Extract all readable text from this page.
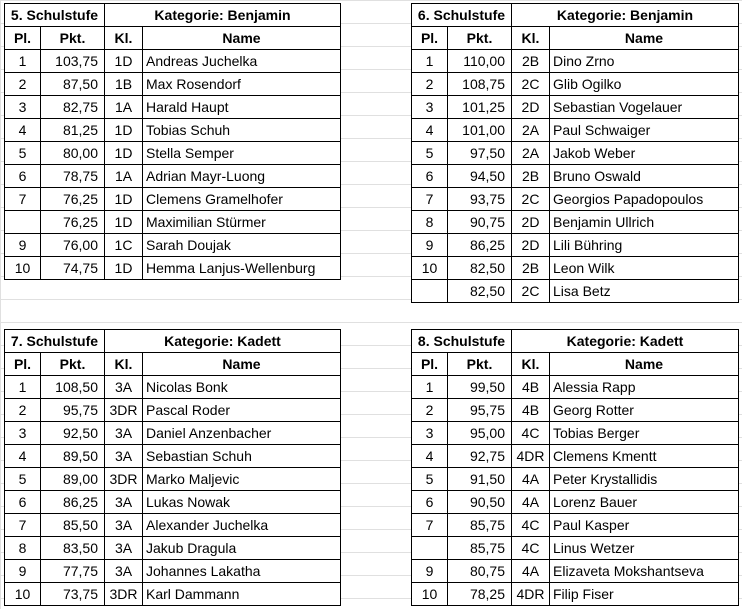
5. Schulstufe		Kategorie: Benjamin	
Pl.	Pkt.	Kl.	Name
1	103,75	1D	Andreas Juchelka
2	87,50	1B	Max Rosendorf
3	82,75	1A	Harald Haupt
4	81,25	1D	Tobias Schuh
5	80,00	1D	Stella Semper
6	78,75	1A	Adrian Mayr-Luong
7	76,25	1D	Clemens Gramelhofer
	76,25	1D	Maximilian Stürmer
9	76,00	1C	Sarah Doujak
10	74,75	1D	Hemma Lanjus-Wellenburg
6. Schulstufe		Kategorie: Benjamin	
Pl.	Pkt.	Kl.	Name
1	110,00	2B	Dino Zrno
2	108,75	2C	Glib Ogilko
3	101,25	2D	Sebastian Vogelauer
4	101,00	2A	Paul Schwaiger
5	97,50	2A	Jakob Weber
6	94,50	2B	Bruno Oswald
7	93,75	2C	Georgios Papadopoulos
8	90,75	2D	Benjamin Ullrich
9	86,25	2D	Lili Bühring
10	82,50	2B	Leon Wilk
	82,50	2C	Lisa Betz
7. Schulstufe		Kategorie: Kadett	
Pl.	Pkt.	Kl.	Name
1	108,50	3A	Nicolas Bonk
2	95,75	3DR	Pascal Roder
3	92,50	3A	Daniel Anzenbacher
4	89,50	3A	Sebastian Schuh
5	89,00	3DR	Marko Maljevic
6	86,25	3A	Lukas Nowak
7	85,50	3A	Alexander Juchelka
8	83,50	3A	Jakub Dragula
9	77,75	3A	Johannes Lakatha
10	73,75	3DR	Karl Dammann
8. Schulstufe		Kategorie: Kadett	
Pl.	Pkt.	Kl.	Name
1	99,50	4B	Alessia Rapp
2	95,75	4B	Georg Rotter
3	95,00	4C	Tobias Berger
4	92,75	4DR	Clemens Kmentt
5	91,50	4A	Peter Krystallidis
6	90,50	4A	Lorenz Bauer
7	85,75	4C	Paul Kasper
	85,75	4C	Linus Wetzer
9	80,75	4A	Elizaveta Mokshantseva
10	78,25	4DR	Filip Fiser
